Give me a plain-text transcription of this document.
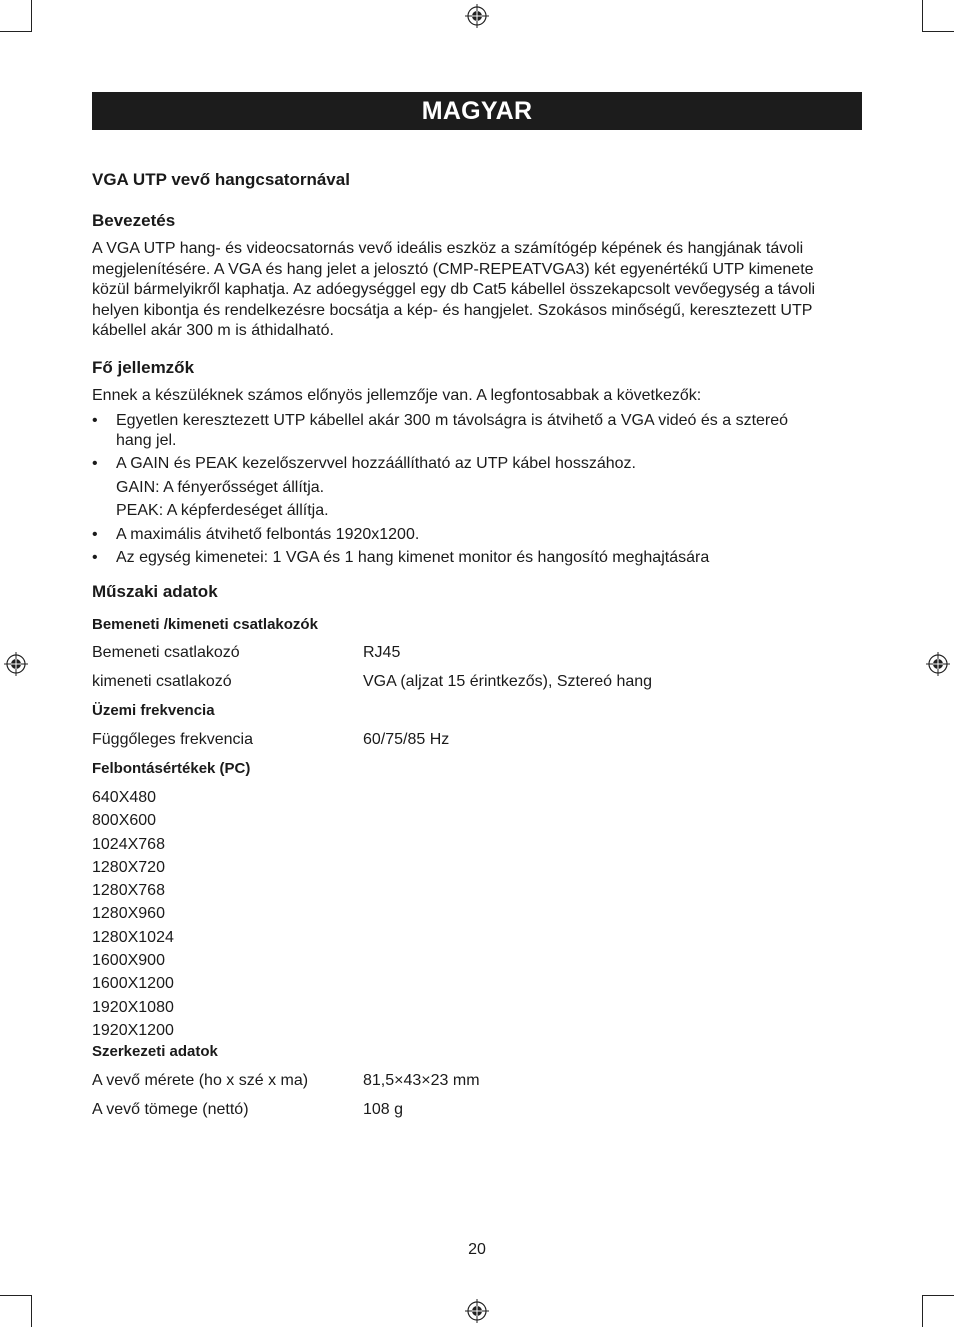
MAGYAR
VGA UTP vevő hangcsatornával
Bevezetés

A VGA UTP hang- és videocsatornás vevő ideális eszköz a számítógép képének és hangjának távoli
megjelenítésére. A VGA és hang jelet a jelosztó (CMP-REPEATVGA3) két egyenértékű UTP kimenete
közül bármelyikről kaphatja. Az adóegységgel egy db Cat5 kábellel összekapcsolt vevőegység a távoli
helyen kibontja és rendelkezésre bocsátja a kép- és hangjelet. Szokásos minőségű, keresztezett UTP
kábellel akár 300 m is áthidalható.

Fő jellemzők

Ennek a készüléknek számos előnyös jellemzője van. A legfontosabbak a következők:

• Egyetlen keresztezett UTP kábellel akár 300 m távolságra is átvihető a VGA videó és a sztereó
hang jel.
• A GAIN és PEAK kezelőszervvel hozzáállítható az UTP kábel hosszához.
GAIN: A fényerősséget állítja.
PEAK: A képferdeséget állítja.
• A maximális átvihető felbontás 1920x1200.
• Az egység kimenetei: 1 VGA és 1 hang kimenet monitor és hangosító meghajtására
Műszaki adatok
Bemeneti /kimeneti csatlakozók
Bemeneti csatlakozó	RJ45
kimeneti csatlakozó	VGA (aljzat 15 érintkezős), Sztereó hang
Üzemi frekvencia
Függőleges frekvencia	60/75/85 Hz
Felbontásértékek (PC)
640X480
800X600
1024X768
1280X720
1280X768
1280X960
1280X1024
1600X900
1600X1200
1920X1080
1920X1200
Szerkezeti adatok
A vevő mérete (ho x szé x ma)	81,5×43×23 mm
A vevő tömege (nettó)	108 g
20
